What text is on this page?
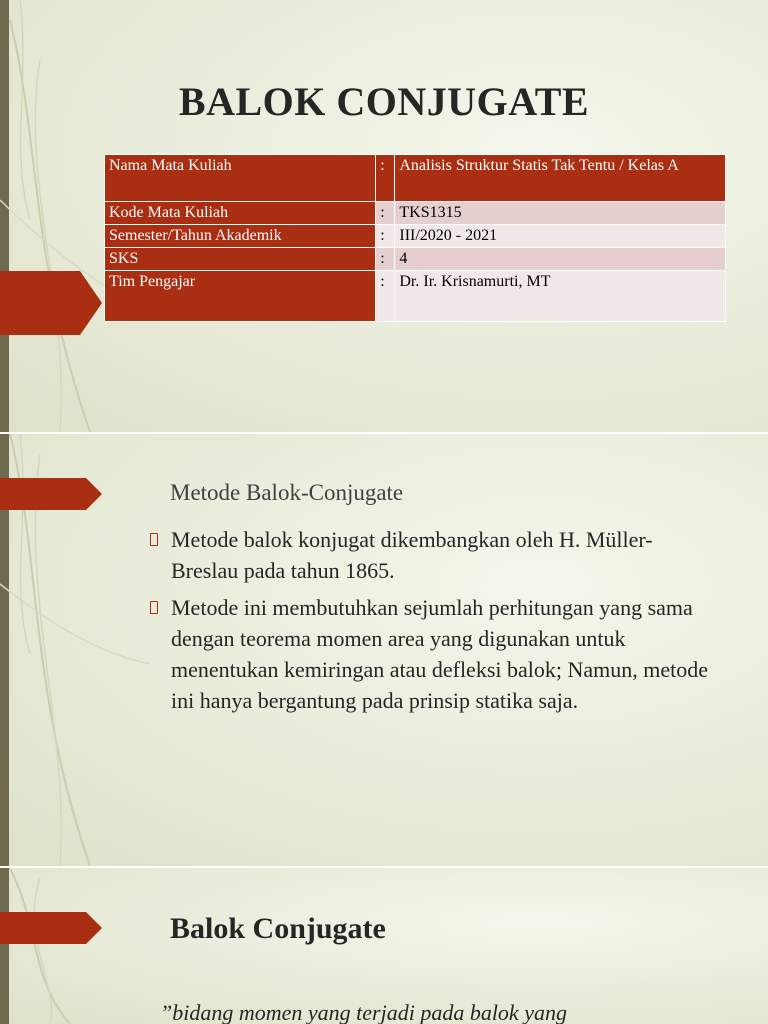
BALOK CONJUGATE
Nama Mata Kuliah	:	Analisis Struktur Statis Tak Tentu / Kelas A
Kode Mata Kuliah	:	TKS1315
Semester/Tahun Akademik	:	III/2020 - 2021
SKS	:	4
Tim Pengajar	:	Dr. Ir. Krisnamurti, MT
Metode Balok-Conjugate
Metode balok konjugat dikembangkan oleh H. Müller-Breslau pada tahun 1865.
Metode ini membutuhkan sejumlah perhitungan yang sama dengan teorema momen area yang digunakan untuk menentukan kemiringan atau defleksi balok; Namun, metode ini hanya bergantung pada prinsip statika saja.
Balok Conjugate
”bidang momen yang terjadi pada balok yang
